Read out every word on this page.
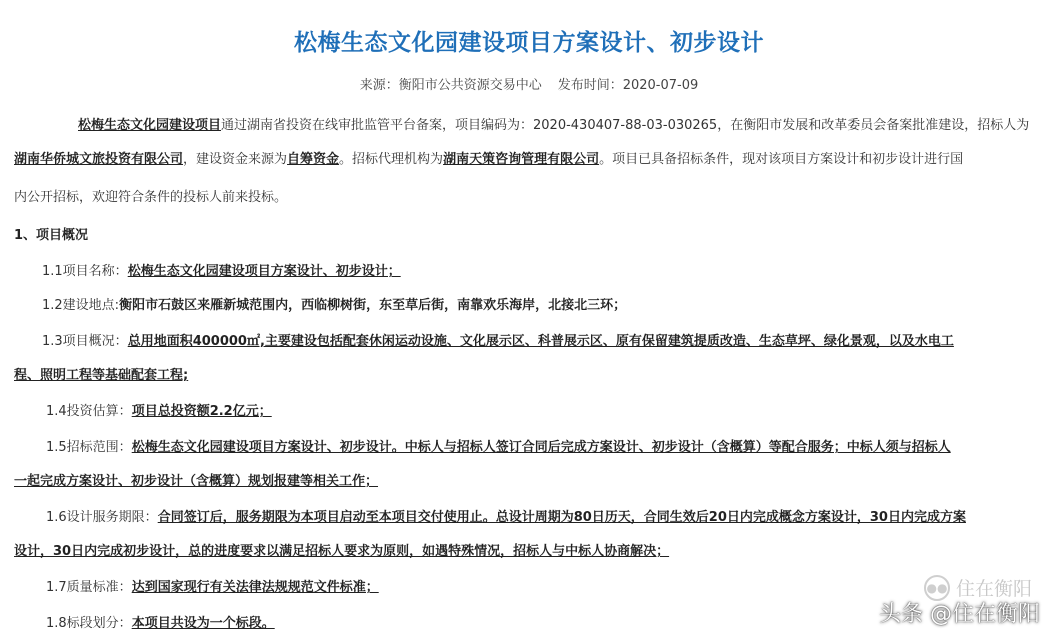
松梅生态文化园建设项目方案设计、初步设计
来源：衡阳市公共资源交易中心 发布时间：2020-07-09
松梅生态文化园建设项目通过湖南省投资在线审批监管平台备案，项目编码为：2020-430407-88-03-030265，在衡阳市发展和改革委员会备案批准建设，招标人为
湖南华侨城文旅投资有限公司，建设资金来源为自筹资金。招标代理机构为湖南天策咨询管理有限公司。项目已具备招标条件，现对该项目方案设计和初步设计进行国
内公开招标，欢迎符合条件的投标人前来投标。
1、项目概况
1.1项目名称：松梅生态文化园建设项目方案设计、初步设计；
1.2建设地点:衡阳市石鼓区来雁新城范围内，西临柳树街，东至草后街，南靠欢乐海岸，北接北三环；
1.3项目概况：总用地面积400000㎡,主要建设包括配套休闲运动设施、文化展示区、科普展示区、原有保留建筑提质改造、生态草坪、绿化景观，以及水电工
程、照明工程等基础配套工程;
1.4投资估算：项目总投资额2.2亿元；
1.5招标范围：松梅生态文化园建设项目方案设计、初步设计。中标人与招标人签订合同后完成方案设计、初步设计（含概算）等配合服务；中标人须与招标人
一起完成方案设计、初步设计（含概算）规划报建等相关工作；
1.6设计服务期限：合同签订后，服务期限为本项目启动至本项目交付使用止。总设计周期为80日历天，合同生效后20日内完成概念方案设计，30日内完成方案
设计，30日内完成初步设计，总的进度要求以满足招标人要求为原则，如遇特殊情况，招标人与中标人协商解决；
1.7质量标准：达到国家现行有关法律法规规范文件标准；
1.8标段划分：本项目共设为一个标段。
●● 住在衡阳
头条 @住在衡阳
